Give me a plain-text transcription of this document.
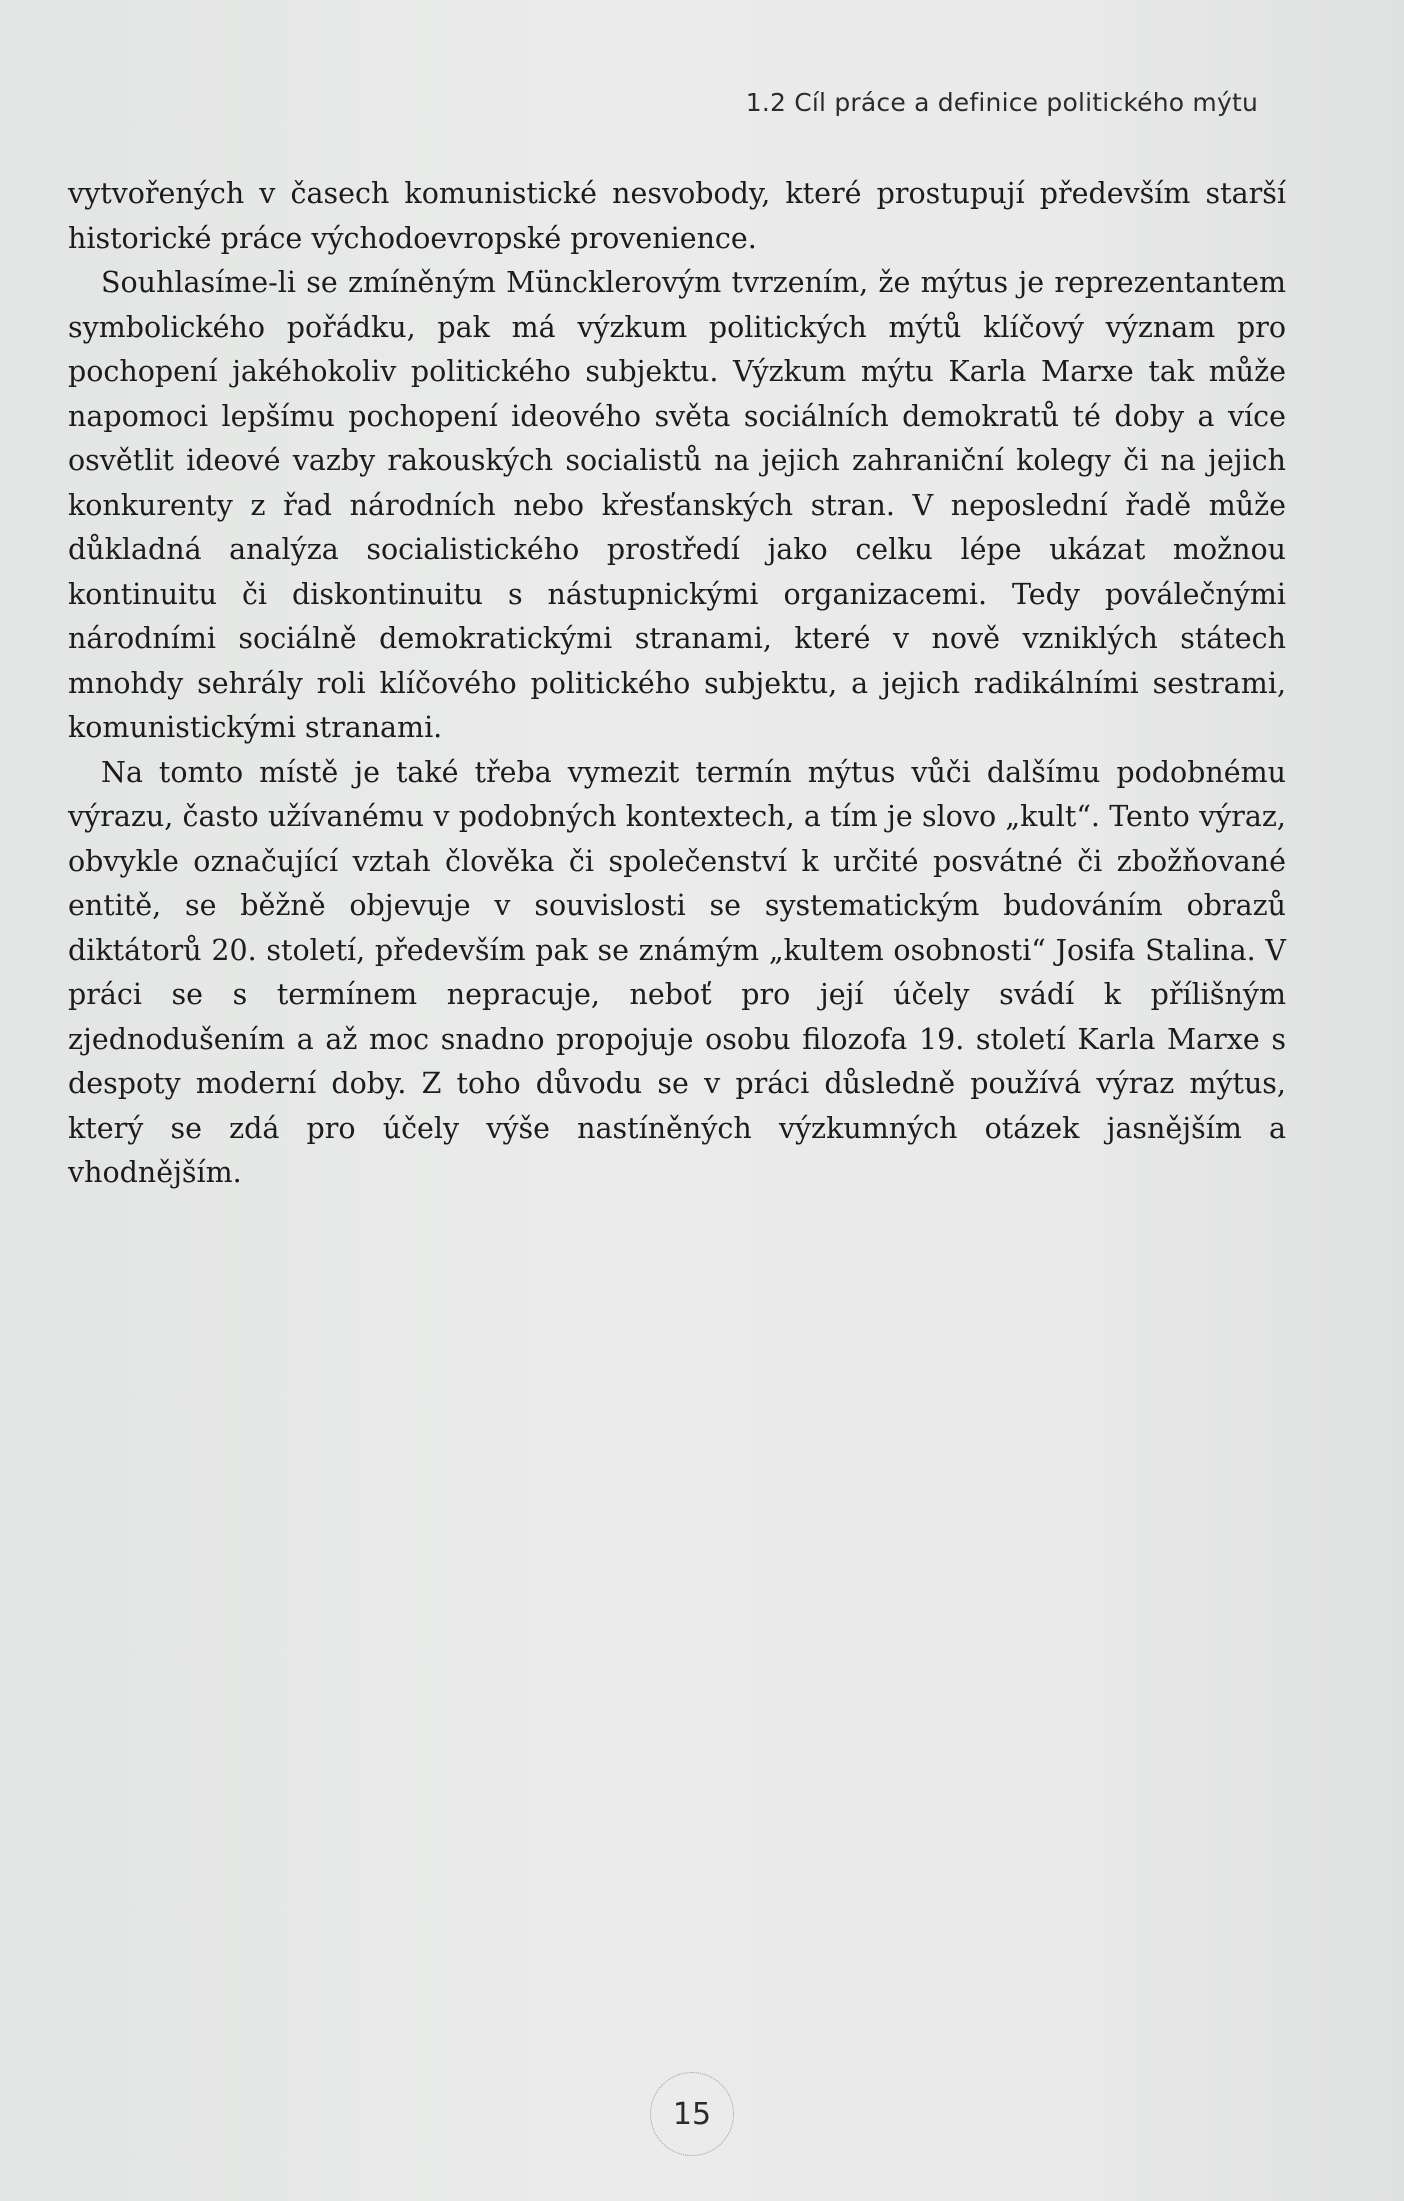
1.2 Cíl práce a definice politického mýtu

vytvořených v časech komunistické nesvobody, které prostupují především starší historické práce východoevropské provenience.

Souhlasíme-li se zmíněným Müncklerovým tvrzením, že mýtus je reprezentantem symbolického pořádku, pak má výzkum politických mýtů klíčový význam pro pochopení jakéhokoliv politického subjektu. Výzkum mýtu Karla Marxe tak může napomoci lepšímu pochopení ideového světa sociálních demokratů té doby a více osvětlit ideové vazby rakouských socialistů na jejich zahraniční kolegy či na jejich konkurenty z řad národních nebo křesťanských stran. V neposlední řadě může důkladná analýza socialistického prostředí jako celku lépe ukázat možnou kontinuitu či diskontinuitu s nástupnickými organizacemi. Tedy poválečnými národními sociálně demokratickými stranami, které v nově vzniklých státech mnohdy sehrály roli klíčového politického subjektu, a jejich radikálními sestrami, komunistickými stranami.

Na tomto místě je také třeba vymezit termín mýtus vůči dalšímu podobnému výrazu, často užívanému v podobných kontextech, a tím je slovo „kult“. Tento výraz, obvykle označující vztah člověka či společenství k určité posvátné či zbožňované entitě, se běžně objevuje v souvislosti se systematickým budováním obrazů diktátorů 20. století, především pak se známým „kultem osobnosti“ Josifa Stalina. V práci se s termínem nepracuje, neboť pro její účely svádí k přílišným zjednodušením a až moc snadno propojuje osobu filozofa 19. století Karla Marxe s despoty moderní doby. Z toho důvodu se v práci důsledně používá výraz mýtus, který se zdá pro účely výše nastíněných výzkumných otázek jasnějším a vhodnějším.

15
